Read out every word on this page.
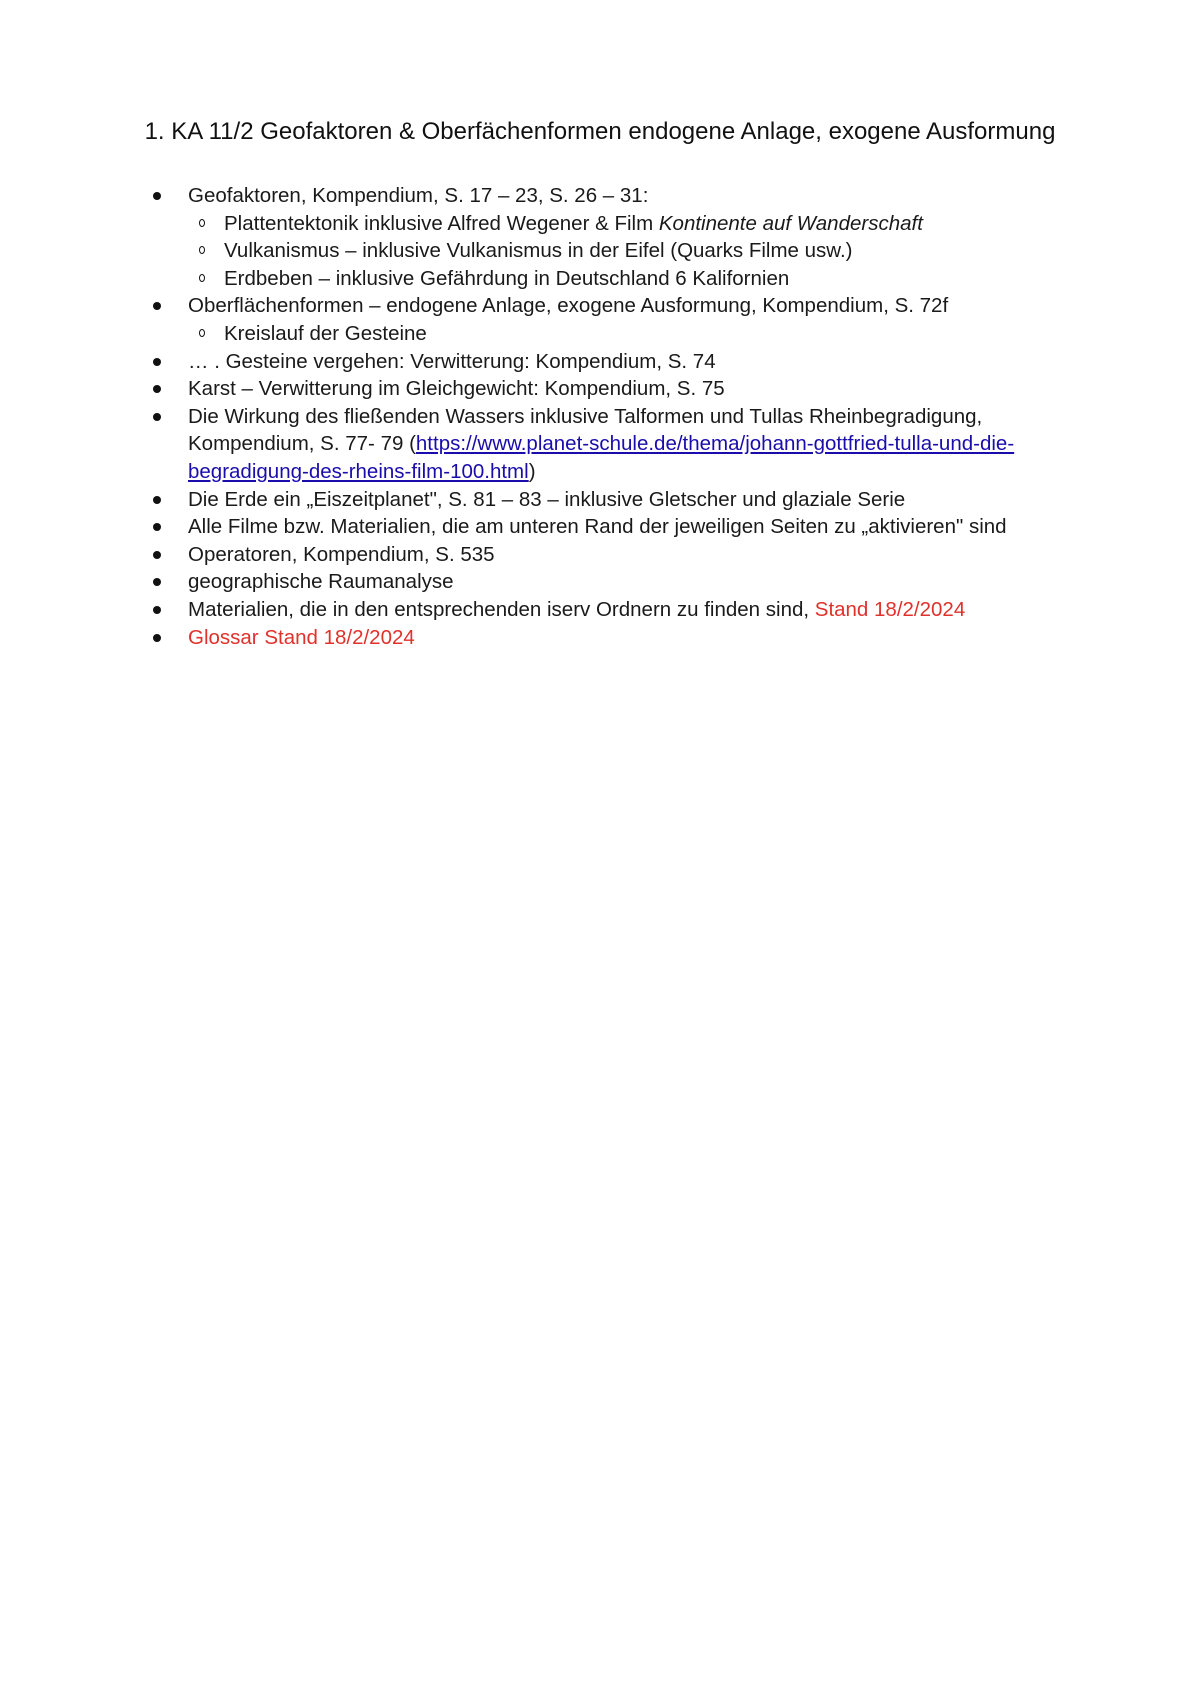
1. KA 11/2 Geofaktoren & Oberfächenformen endogene Anlage, exogene Ausformung
Geofaktoren, Kompendium, S. 17 – 23, S. 26 – 31:
Plattentektonik inklusive Alfred Wegener & Film Kontinente auf Wanderschaft
Vulkanismus – inklusive Vulkanismus in der Eifel (Quarks Filme usw.)
Erdbeben – inklusive Gefährdung in Deutschland 6 Kalifornien
Oberflächenformen – endogene Anlage, exogene Ausformung, Kompendium, S. 72f
Kreislauf der Gesteine
… . Gesteine vergehen: Verwitterung: Kompendium, S. 74
Karst – Verwitterung im Gleichgewicht: Kompendium, S. 75
Die Wirkung des fließenden Wassers inklusive Talformen und Tullas Rheinbegradigung, Kompendium, S. 77- 79 (https://www.planet-schule.de/thema/johann-gottfried-tulla-und-die-begradigung-des-rheins-film-100.html)
Die Erde ein „Eiszeitplanet", S. 81 – 83 – inklusive Gletscher und glaziale Serie
Alle Filme bzw. Materialien, die am unteren Rand der jeweiligen Seiten zu „aktivieren" sind
Operatoren, Kompendium, S. 535
geographische Raumanalyse
Materialien, die in den entsprechenden iserv Ordnern zu finden sind, Stand 18/2/2024
Glossar Stand 18/2/2024
